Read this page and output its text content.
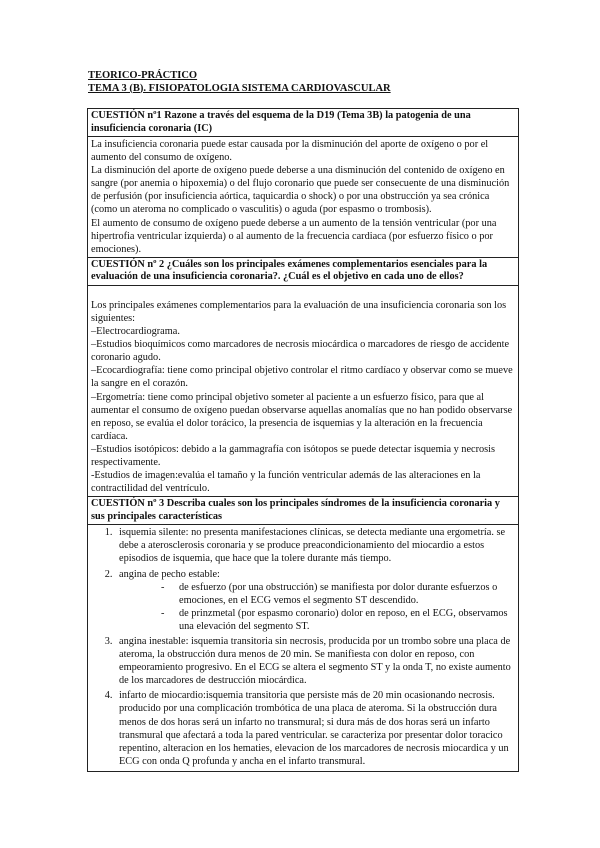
TEORICO-PRÁCTICO
TEMA 3 (B). FISIOPATOLOGIA SISTEMA CARDIOVASCULAR
CUESTIÓN nº1 Razone a través del esquema de la D19 (Tema 3B) la patogenia de una insuficiencia coronaria (IC)

La insuficiencia coronaria puede estar causada por la disminución del aporte de oxígeno o por el aumento del consumo de oxígeno.

La disminución del aporte de oxígeno puede deberse a una disminución del contenido de oxígeno en sangre (por anemia o hipoxemia) o del flujo coronario que puede ser consecuente de una disminución de perfusión (por insuficiencia aórtica, taquicardia o shock) o por una obstrucción ya sea crónica (como un ateroma no complicado o vasculitis) o aguda (por espasmo o trombosis).

El aumento de consumo de oxígeno puede deberse a un aumento de la tensión ventricular (por una hipertrofia ventricular izquierda) o al aumento de la frecuencia cardiaca (por esfuerzo físico o por emociones).

CUESTIÓN nº 2 ¿Cuáles son los principales exámenes complementarios esenciales para la evaluación de una insuficiencia coronaria?. ¿Cuál es el objetivo en cada uno de ellos?

Los principales exámenes complementarios para la evaluación de una insuficiencia coronaria son los siguientes:

–Electrocardiograma.

–Estudios bioquímicos como marcadores de necrosis miocárdica o marcadores de riesgo de accidente coronario agudo.

–Ecocardiografía: tiene como principal objetivo controlar el ritmo cardíaco y observar como se mueve la sangre en el corazón.

–Ergometría: tiene como principal objetivo someter al paciente a un esfuerzo físico, para que al aumentar el consumo de oxígeno puedan observarse aquellas anomalías que no han podido observarse en reposo, se evalúa el dolor torácico, la presencia de isquemias y la alteración en la frecuencia cardíaca.

–Estudios isotópicos: debido a la gammagrafía con isótopos se puede detectar isquemia y necrosis respectivamente.

-Estudios de imagen:evalúa el tamaño y la función ventricular además de las alteraciones en la contractilidad del ventrículo.

CUESTIÓN nº 3 Describa cuales son los principales síndromes de la insuficiencia coronaria y sus principales características

1. isquemia silente: no presenta manifestaciones clínicas, se detecta mediante una ergometría. se debe a aterosclerosis coronaria y se produce preacondicionamiento del miocardio a estos episodios de isquemia, que hace que la tolere durante más tiempo.
2. angina de pecho estable:
- de esfuerzo (por una obstrucción) se manifiesta por dolor durante esfuerzos o emociones, en el ECG vemos el segmento ST descendido.
- de prinzmetal (por espasmo coronario) dolor en reposo, en el ECG, observamos una elevación del segmento ST.
3. angina inestable: isquemia transitoria sin necrosis, producida por un trombo sobre una placa de ateroma, la obstrucción dura menos de 20 min. Se manifiesta con dolor en reposo, con empeoramiento progresivo. En el ECG se altera el segmento ST y la onda T, no existe aumento de los marcadores de destrucción miocárdica.
4. infarto de miocardio:isquemia transitoria que persiste más de 20 min ocasionando necrosis. producido por una complicación trombótica de una placa de ateroma. Si la obstrucción dura menos de dos horas será un infarto no transmural; si dura más de dos horas será un infarto transmural que afectará a toda la pared ventricular. se caracteriza por presentar dolor toracico repentino, alteracion en los hematies, elevacion de los marcadores de necrosis miocardica y un ECG con onda Q profunda y ancha en el infarto transmural.
